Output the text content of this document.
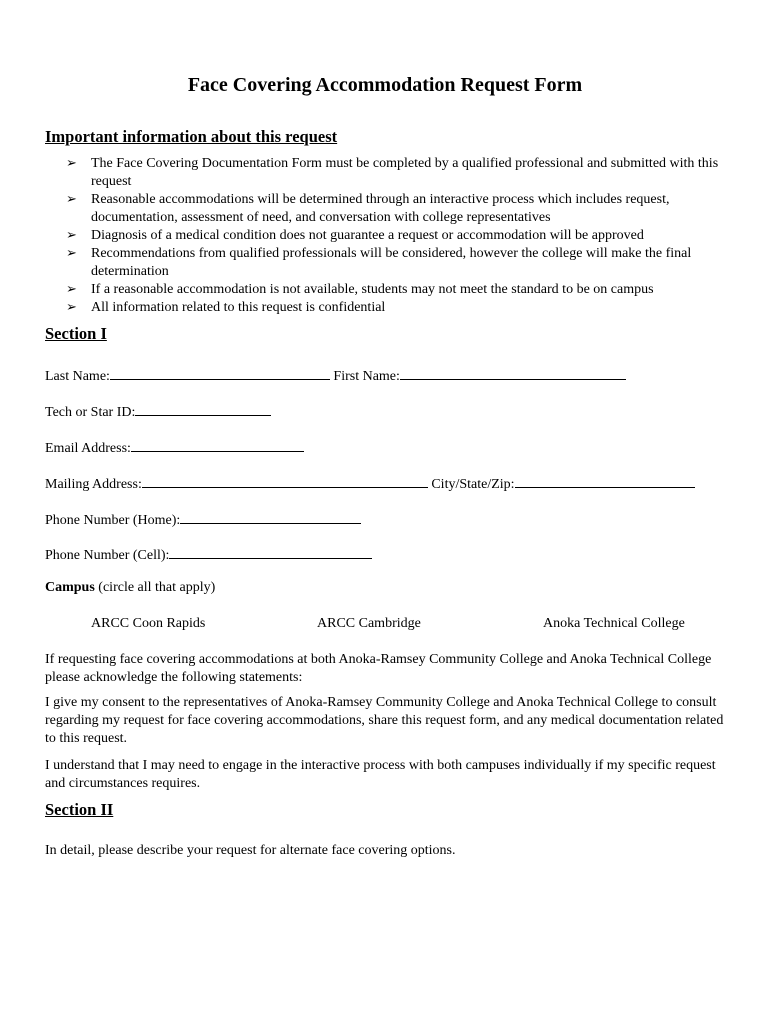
Face Covering Accommodation Request Form
Important information about this request
➢ The Face Covering Documentation Form must be completed by a qualified professional and submitted with this request
➢ Reasonable accommodations will be determined through an interactive process which includes request, documentation, assessment of need, and conversation with college representatives
➢ Diagnosis of a medical condition does not guarantee a request or accommodation will be approved
➢ Recommendations from qualified professionals will be considered, however the college will make the final determination
➢ If a reasonable accommodation is not available, students may not meet the standard to be on campus
➢ All information related to this request is confidential
Section I
Last Name:	First Name:
Tech or Star ID:
Email Address:
Mailing Address:	City/State/Zip:
Phone Number (Home):
Phone Number (Cell):
Campus (circle all that apply)
ARCC Coon Rapids	ARCC Cambridge	Anoka Technical College
If requesting face covering accommodations at both Anoka-Ramsey Community College and Anoka Technical College please acknowledge the following statements:
I give my consent to the representatives of Anoka-Ramsey Community College and Anoka Technical College to consult regarding my request for face covering accommodations, share this request form, and any medical documentation related to this request.
I understand that I may need to engage in the interactive process with both campuses individually if my specific request and circumstances requires.
Section II
In detail, please describe your request for alternate face covering options.
